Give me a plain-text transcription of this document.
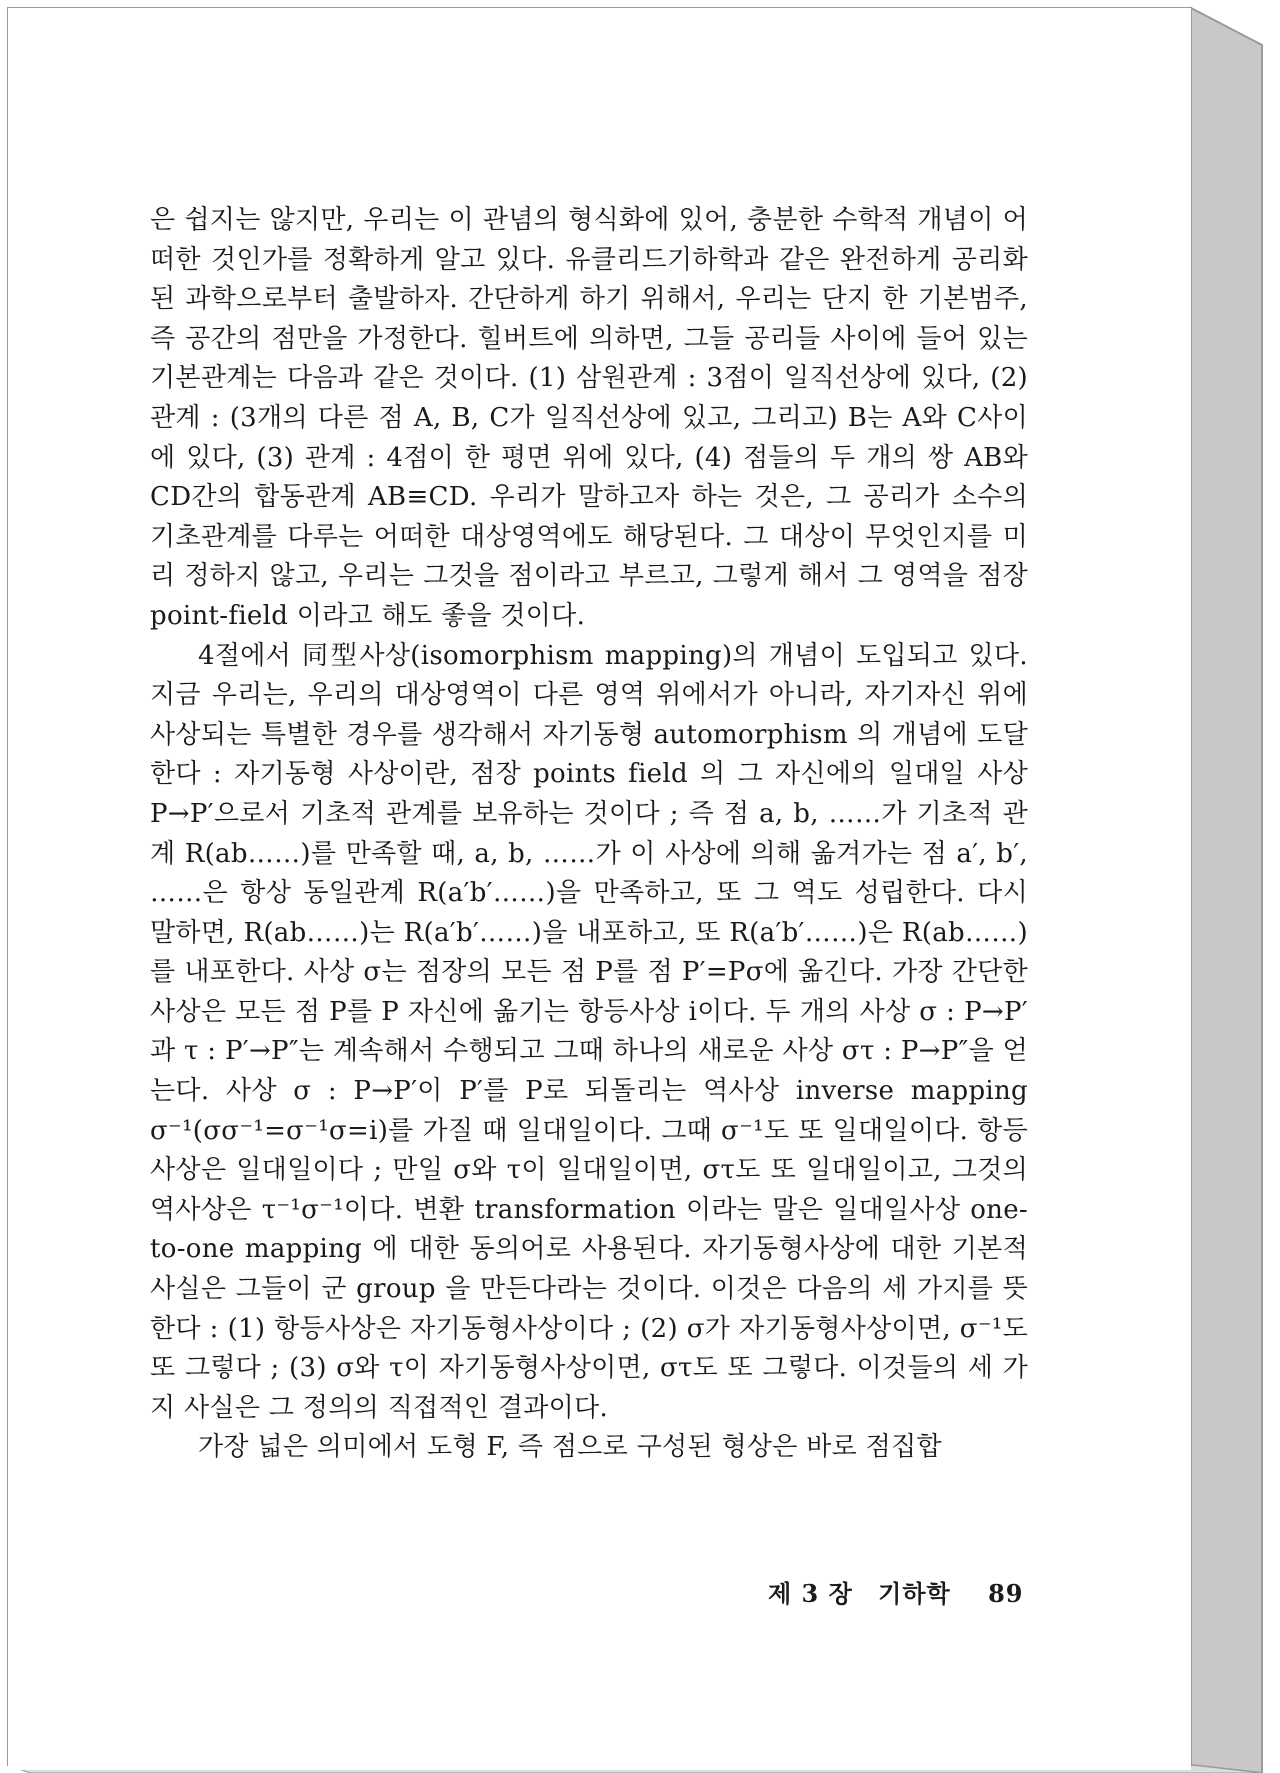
은 쉽지는 않지만, 우리는 이 관념의 형식화에 있어, 충분한 수학적 개념이 어떠한 것인가를 정확하게 알고 있다. 유클리드기하학과 같은 완전하게 공리화된 과학으로부터 출발하자. 간단하게 하기 위해서, 우리는 단지 한 기본범주, 즉 공간의 점만을 가정한다. 힐버트에 의하면, 그들 공리들 사이에 들어 있는 기본관계는 다음과 같은 것이다. (1) 삼원관계 : 3점이 일직선상에 있다, (2) 관계 : (3개의 다른 점 A, B, C가 일직선상에 있고, 그리고) B는 A와 C사이에 있다, (3) 관계 : 4점이 한 평면 위에 있다, (4) 점들의 두 개의 쌍 AB와 CD간의 합동관계 AB≡CD. 우리가 말하고자 하는 것은, 그 공리가 소수의 기초관계를 다루는 어떠한 대상영역에도 해당된다. 그 대상이 무엇인지를 미리 정하지 않고, 우리는 그것을 점이라고 부르고, 그렇게 해서 그 영역을 점장 point-field 이라고 해도 좋을 것이다.

4절에서 同型사상(isomorphism mapping)의 개념이 도입되고 있다. 지금 우리는, 우리의 대상영역이 다른 영역 위에서가 아니라, 자기자신 위에 사상되는 특별한 경우를 생각해서 자기동형 automorphism 의 개념에 도달한다 : 자기동형 사상이란, 점장 points field 의 그 자신에의 일대일 사상 P→P′으로서 기초적 관계를 보유하는 것이다 ; 즉 점 a, b, ……가 기초적 관계 R(ab……)를 만족할 때, a, b, ……가 이 사상에 의해 옮겨가는 점 a′, b′, ……은 항상 동일관계 R(a′b′……)을 만족하고, 또 그 역도 성립한다. 다시 말하면, R(ab……)는 R(a′b′……)을 내포하고, 또 R(a′b′……)은 R(ab……)를 내포한다. 사상 σ는 점장의 모든 점 P를 점 P′=Pσ에 옮긴다. 가장 간단한 사상은 모든 점 P를 P 자신에 옮기는 항등사상 i이다. 두 개의 사상 σ : P→P′과 τ : P′→P″는 계속해서 수행되고 그때 하나의 새로운 사상 στ : P→P″을 얻는다. 사상 σ : P→P′이 P′를 P로 되돌리는 역사상 inverse mapping σ⁻¹(σσ⁻¹=σ⁻¹σ=i)를 가질 때 일대일이다. 그때 σ⁻¹도 또 일대일이다. 항등사상은 일대일이다 ; 만일 σ와 τ이 일대일이면, στ도 또 일대일이고, 그것의 역사상은 τ⁻¹σ⁻¹이다. 변환 transformation 이라는 말은 일대일사상 one-to-one mapping 에 대한 동의어로 사용된다. 자기동형사상에 대한 기본적 사실은 그들이 군 group 을 만든다라는 것이다. 이것은 다음의 세 가지를 뜻한다 : (1) 항등사상은 자기동형사상이다 ; (2) σ가 자기동형사상이면, σ⁻¹도 또 그렇다 ; (3) σ와 τ이 자기동형사상이면, στ도 또 그렇다. 이것들의 세 가지 사실은 그 정의의 직접적인 결과이다.

가장 넓은 의미에서 도형 F, 즉 점으로 구성된 형상은 바로 점집합

제 3 장 기하학 89
